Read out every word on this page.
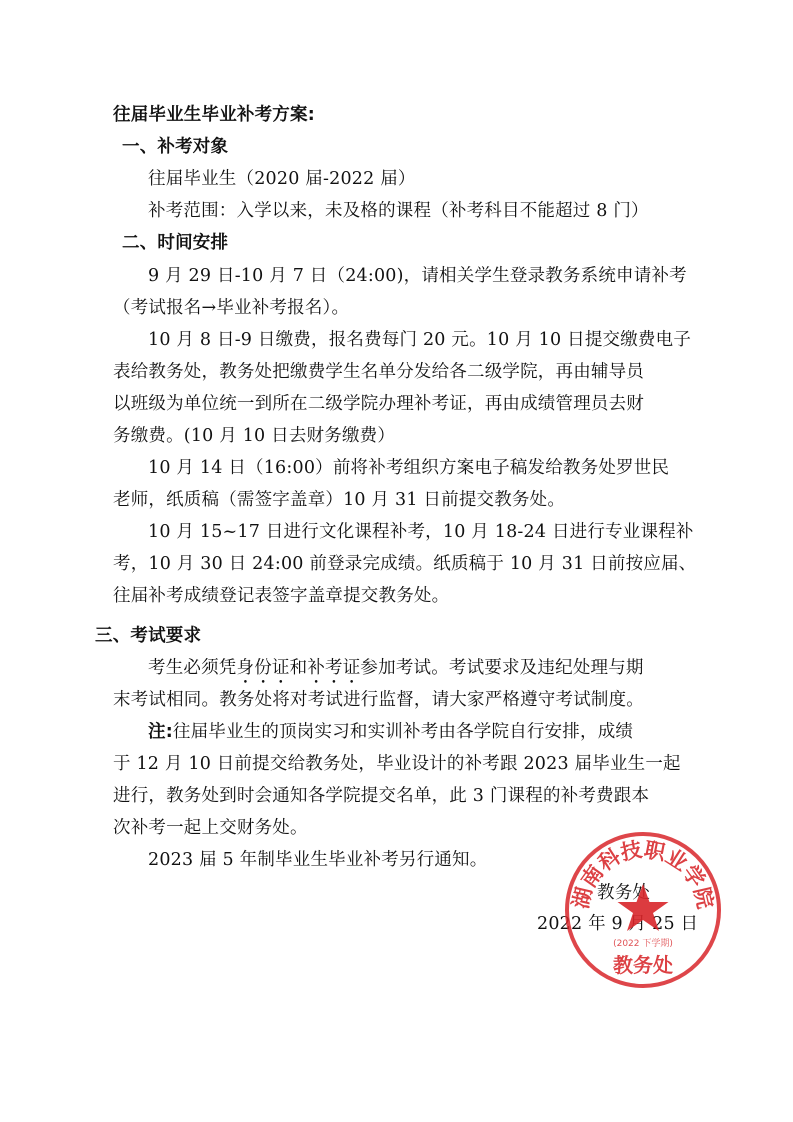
往届毕业生毕业补考方案:
一、补考对象
往届毕业生（2020 届-2022 届）
补考范围：入学以来，未及格的课程（补考科目不能超过 8 门）
二、时间安排
9 月 29 日-10 月 7 日（24:00)，请相关学生登录教务系统申请补考
（考试报名→毕业补考报名）。
10 月 8 日-9 日缴费，报名费每门 20 元。10 月 10 日提交缴费电子
表给教务处，教务处把缴费学生名单分发给各二级学院，再由辅导员
以班级为单位统一到所在二级学院办理补考证，再由成绩管理员去财
务缴费。(10 月 10 日去财务缴费）
10 月 14 日（16:00）前将补考组织方案电子稿发给教务处罗世民
老师，纸质稿（需签字盖章）10 月 31 日前提交教务处。
10 月 15~17 日进行文化课程补考，10 月 18-24 日进行专业课程补
考，10 月 30 日 24:00 前登录完成绩。纸质稿于 10 月 31 日前按应届、
往届补考成绩登记表签字盖章提交教务处。
三、考试要求
考生必须凭身份证和补考证参加考试。考试要求及违纪处理与期
末考试相同。教务处将对考试进行监督，请大家严格遵守考试制度。
注:往届毕业生的顶岗实习和实训补考由各学院自行安排，成绩
于 12 月 10 日前提交给教务处，毕业设计的补考跟 2023 届毕业生一起
进行，教务处到时会通知各学院提交名单，此 3 门课程的补考费跟本
次补考一起上交财务处。
2023 届 5 年制毕业生毕业补考另行通知。
教务处
2022 年 9 月 25 日
湖南科技职业学院
教务处
(2022 下学期)
